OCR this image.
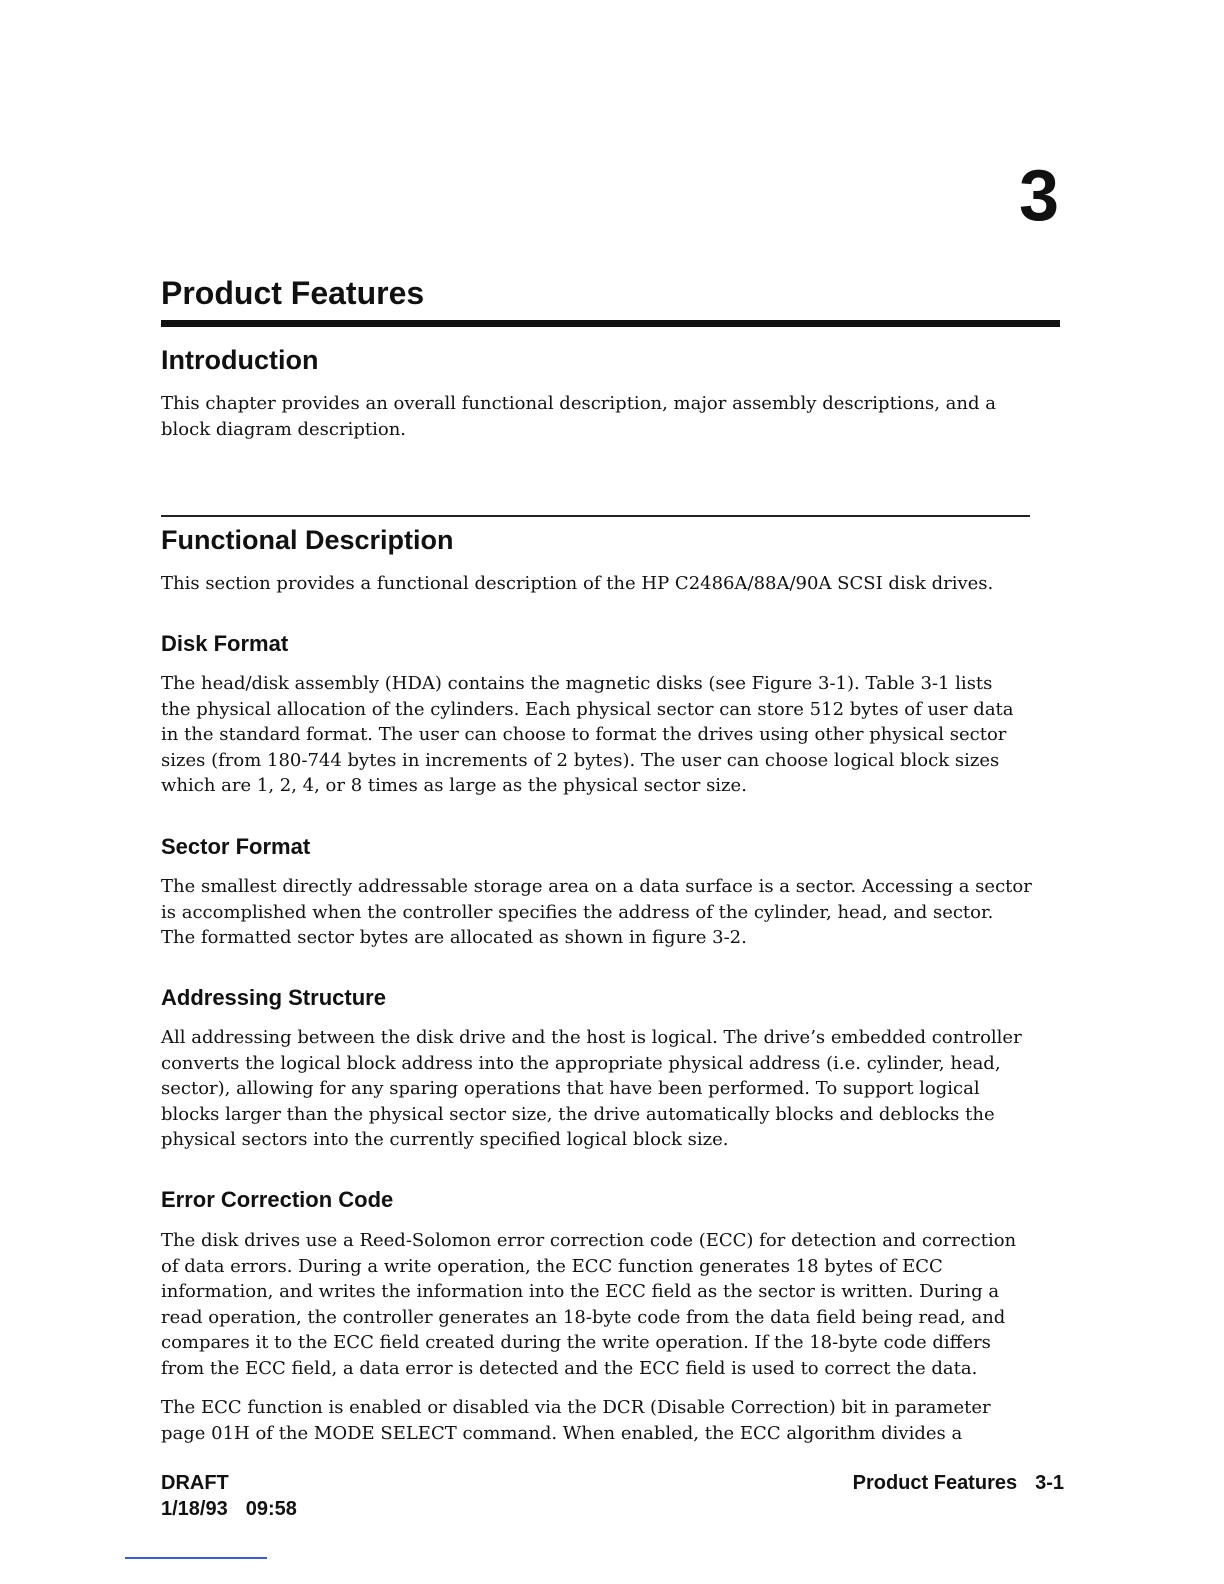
3
Product Features
Introduction

This chapter provides an overall functional description, major assembly descriptions, and a
block diagram description.

Functional Description

This section provides a functional description of the HP C2486A/88A/90A SCSI disk drives.

Disk Format

The head/disk assembly (HDA) contains the magnetic disks (see Figure 3-1). Table 3-1 lists
the physical allocation of the cylinders. Each physical sector can store 512 bytes of user data
in the standard format. The user can choose to format the drives using other physical sector
sizes (from 180-744 bytes in increments of 2 bytes). The user can choose logical block sizes
which are 1, 2, 4, or 8 times as large as the physical sector size.

Sector Format

The smallest directly addressable storage area on a data surface is a sector. Accessing a sector
is accomplished when the controller specifies the address of the cylinder, head, and sector.
The formatted sector bytes are allocated as shown in figure 3-2.

Addressing Structure

All addressing between the disk drive and the host is logical. The drive’s embedded controller
converts the logical block address into the appropriate physical address (i.e. cylinder, head,
sector), allowing for any sparing operations that have been performed. To support logical
blocks larger than the physical sector size, the drive automatically blocks and deblocks the
physical sectors into the currently specified logical block size.

Error Correction Code

The disk drives use a Reed-Solomon error correction code (ECC) for detection and correction
of data errors. During a write operation, the ECC function generates 18 bytes of ECC
information, and writes the information into the ECC field as the sector is written. During a
read operation, the controller generates an 18-byte code from the data field being read, and
compares it to the ECC field created during the write operation. If the 18-byte code differs
from the ECC field, a data error is detected and the ECC field is used to correct the data.

The ECC function is enabled or disabled via the DCR (Disable Correction) bit in parameter
page 01H of the MODE SELECT command. When enabled, the ECC algorithm divides a

DRAFT
1/18/93 09:58
Product Features 3-1
